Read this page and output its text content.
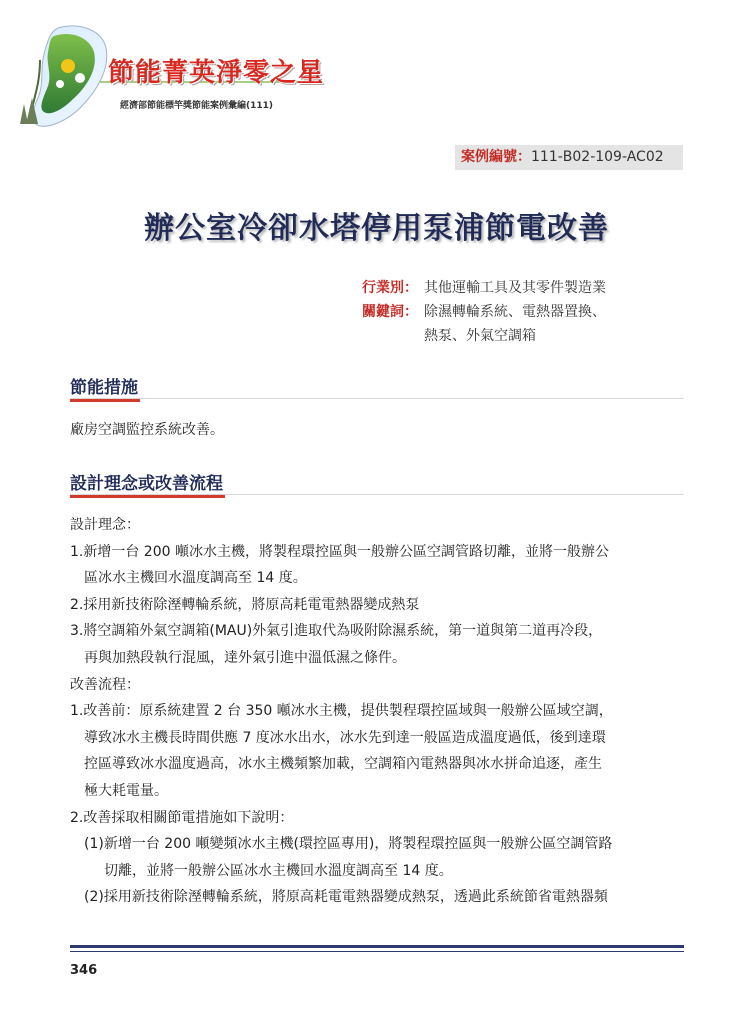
節能菁英淨零之星
經濟部節能標竿獎節能案例彙編(111)
案例編號：111-B02-109-AC02
辦公室冷卻水塔停用泵浦節電改善
行業別： 其他運輸工具及其零件製造業
關鍵詞： 除濕轉輪系統、電熱器置換、
熱泵、外氣空調箱
節能措施
廠房空調監控系統改善。
設計理念或改善流程
設計理念：
1.新增一台 200 噸冰水主機，將製程環控區與一般辦公區空調管路切離，並將一般辦公
區冰水主機回水溫度調高至 14 度。
2.採用新技術除溼轉輪系統，將原高耗電電熱器變成熱泵
3.將空調箱外氣空調箱(MAU)外氣引進取代為吸附除濕系統，第一道與第二道再冷段，
再與加熱段執行混風，達外氣引進中溫低濕之條件。
改善流程：
1.改善前：原系統建置 2 台 350 噸冰水主機，提供製程環控區域與一般辦公區域空調，
導致冰水主機長時間供應 7 度冰水出水，冰水先到達一般區造成溫度過低，後到達環
控區導致冰水溫度過高，冰水主機頻繁加載，空調箱內電熱器與冰水拼命追逐，產生
極大耗電量。
2.改善採取相關節電措施如下說明：
(1)新增一台 200 噸變頻冰水主機(環控區專用)，將製程環控區與一般辦公區空調管路
切離，並將一般辦公區冰水主機回水溫度調高至 14 度。
(2)採用新技術除溼轉輪系統，將原高耗電電熱器變成熱泵，透過此系統節省電熱器頻
346
